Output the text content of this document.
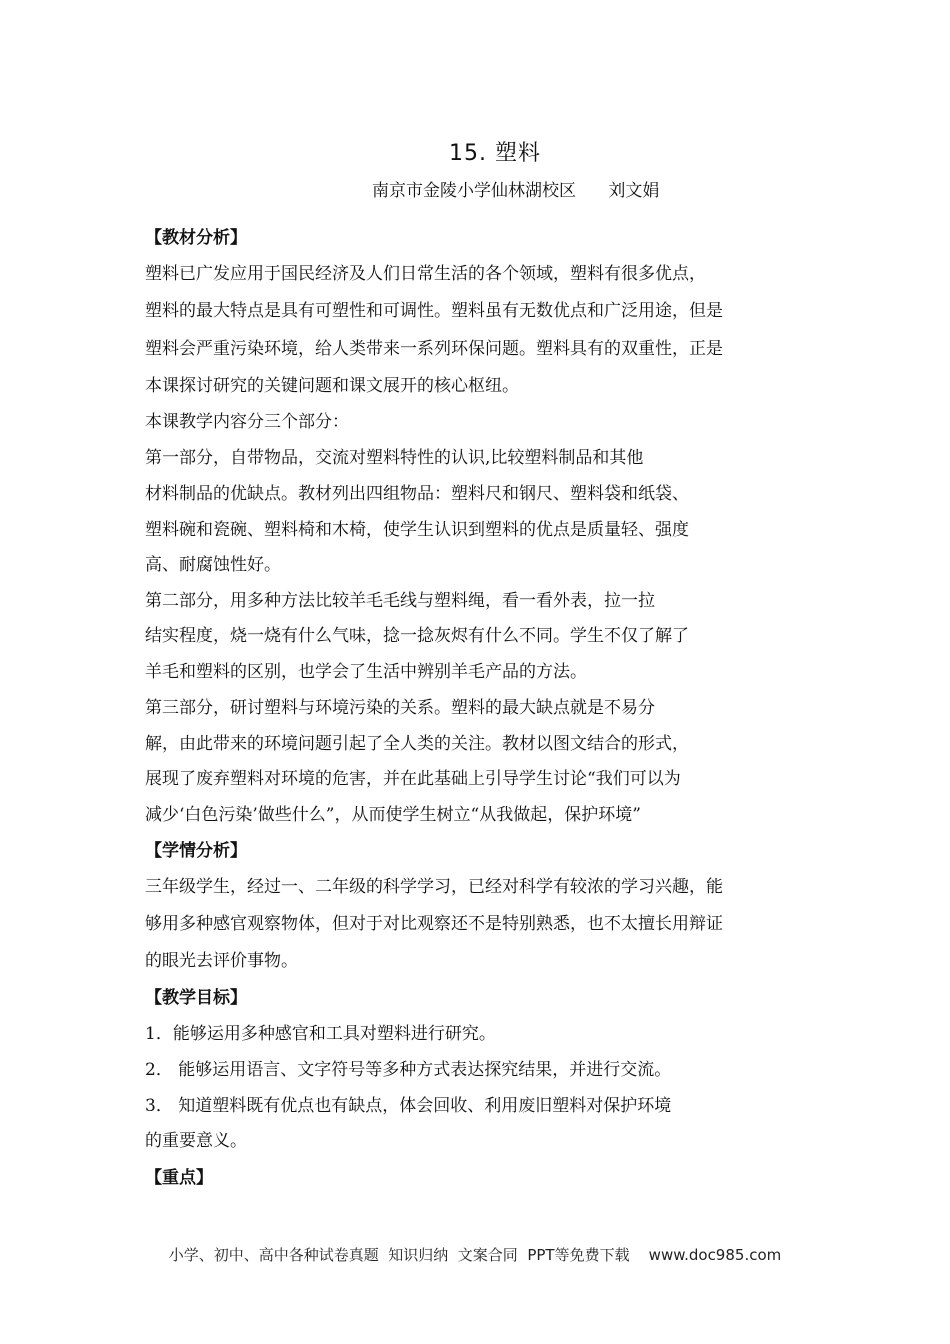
15. 塑料
南京市金陵小学仙林湖校区      刘文娟
【教材分析】
塑料已广发应用于国民经济及人们日常生活的各个领域，塑料有很多优点，
塑料的最大特点是具有可塑性和可调性。塑料虽有无数优点和广泛用途，但是
塑料会严重污染环境，给人类带来一系列环保问题。塑料具有的双重性，正是
本课探讨研究的关键问题和课文展开的核心枢纽。
本课教学内容分三个部分：
第一部分，自带物品，交流对塑料特性的认识,比较塑料制品和其他
材料制品的优缺点。教材列出四组物品：塑料尺和钢尺、塑料袋和纸袋、
塑料碗和瓷碗、塑料椅和木椅，使学生认识到塑料的优点是质量轻、强度
高、耐腐蚀性好。
第二部分，用多种方法比较羊毛毛线与塑料绳，看一看外表，拉一拉
结实程度，烧一烧有什么气味，捻一捻灰烬有什么不同。学生不仅了解了
羊毛和塑料的区别，也学会了生活中辨别羊毛产品的方法。
第三部分，研讨塑料与环境污染的关系。塑料的最大缺点就是不易分
解，由此带来的环境问题引起了全人类的关注。教材以图文结合的形式，
展现了废弃塑料对环境的危害，并在此基础上引导学生讨论“我们可以为
减少‘白色污染’做些什么”，从而使学生树立“从我做起，保护环境”
【学情分析】
三年级学生，经过一、二年级的科学学习，已经对科学有较浓的学习兴趣，能
够用多种感官观察物体，但对于对比观察还不是特别熟悉，也不太擅长用辩证
的眼光去评价事物。
【教学目标】
1．能够运用多种感官和工具对塑料进行研究。
2． 能够运用语言、文字符号等多种方式表达探究结果，并进行交流。
3． 知道塑料既有优点也有缺点，体会回收、利用废旧塑料对保护环境
的重要意义。
【重点】
小学、初中、高中各种试卷真题  知识归纳  文案合同  PPT等免费下载    www.doc985.com
